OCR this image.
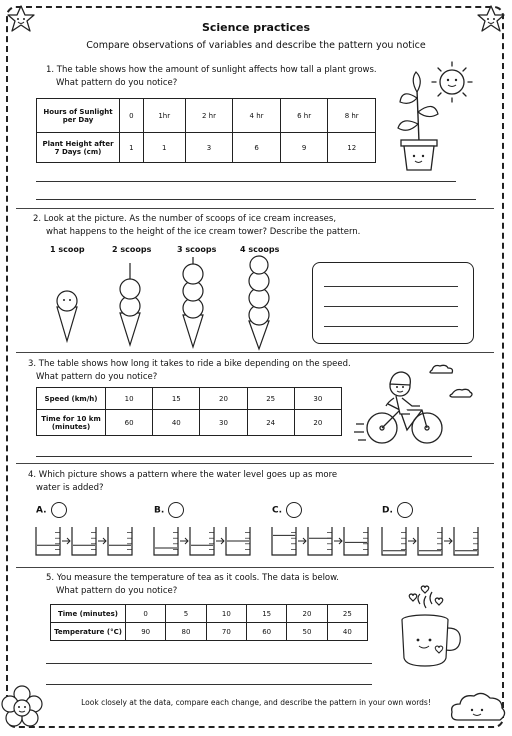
Science practices
Compare observations of variables and describe the pattern you notice
1. The table shows how the amount of sunlight affects how tall a plant grows.
What pattern do you notice?
Hours of Sunlight per Day	0	1hr	2 hr	4 hr	6 hr	8 hr
Plant Height after 7 Days (cm)	1	1	3	6	9	12
2. Look at the picture. As the number of scoops of ice cream increases,
what happens to the height of the ice cream tower? Describe the pattern.
1 scoop	2 scoops	3 scoops	4 scoops
3. The table shows how long it takes to ride a bike depending on the speed.
What pattern do you notice?
Speed (km/h)	10	15	20	25	30
Time for 10 km (minutes)	60	40	30	24	20
4. Which picture shows a pattern where the water level goes up as more
water is added?
A.	B.	C.	D.
5. You measure the temperature of tea as it cools. The data is below.
What pattern do you notice?
Time (minutes)	0	5	10	15	20	25
Temperature (°C)	90	80	70	60	50	40
Look closely at the data, compare each change, and describe the pattern in your own words!
